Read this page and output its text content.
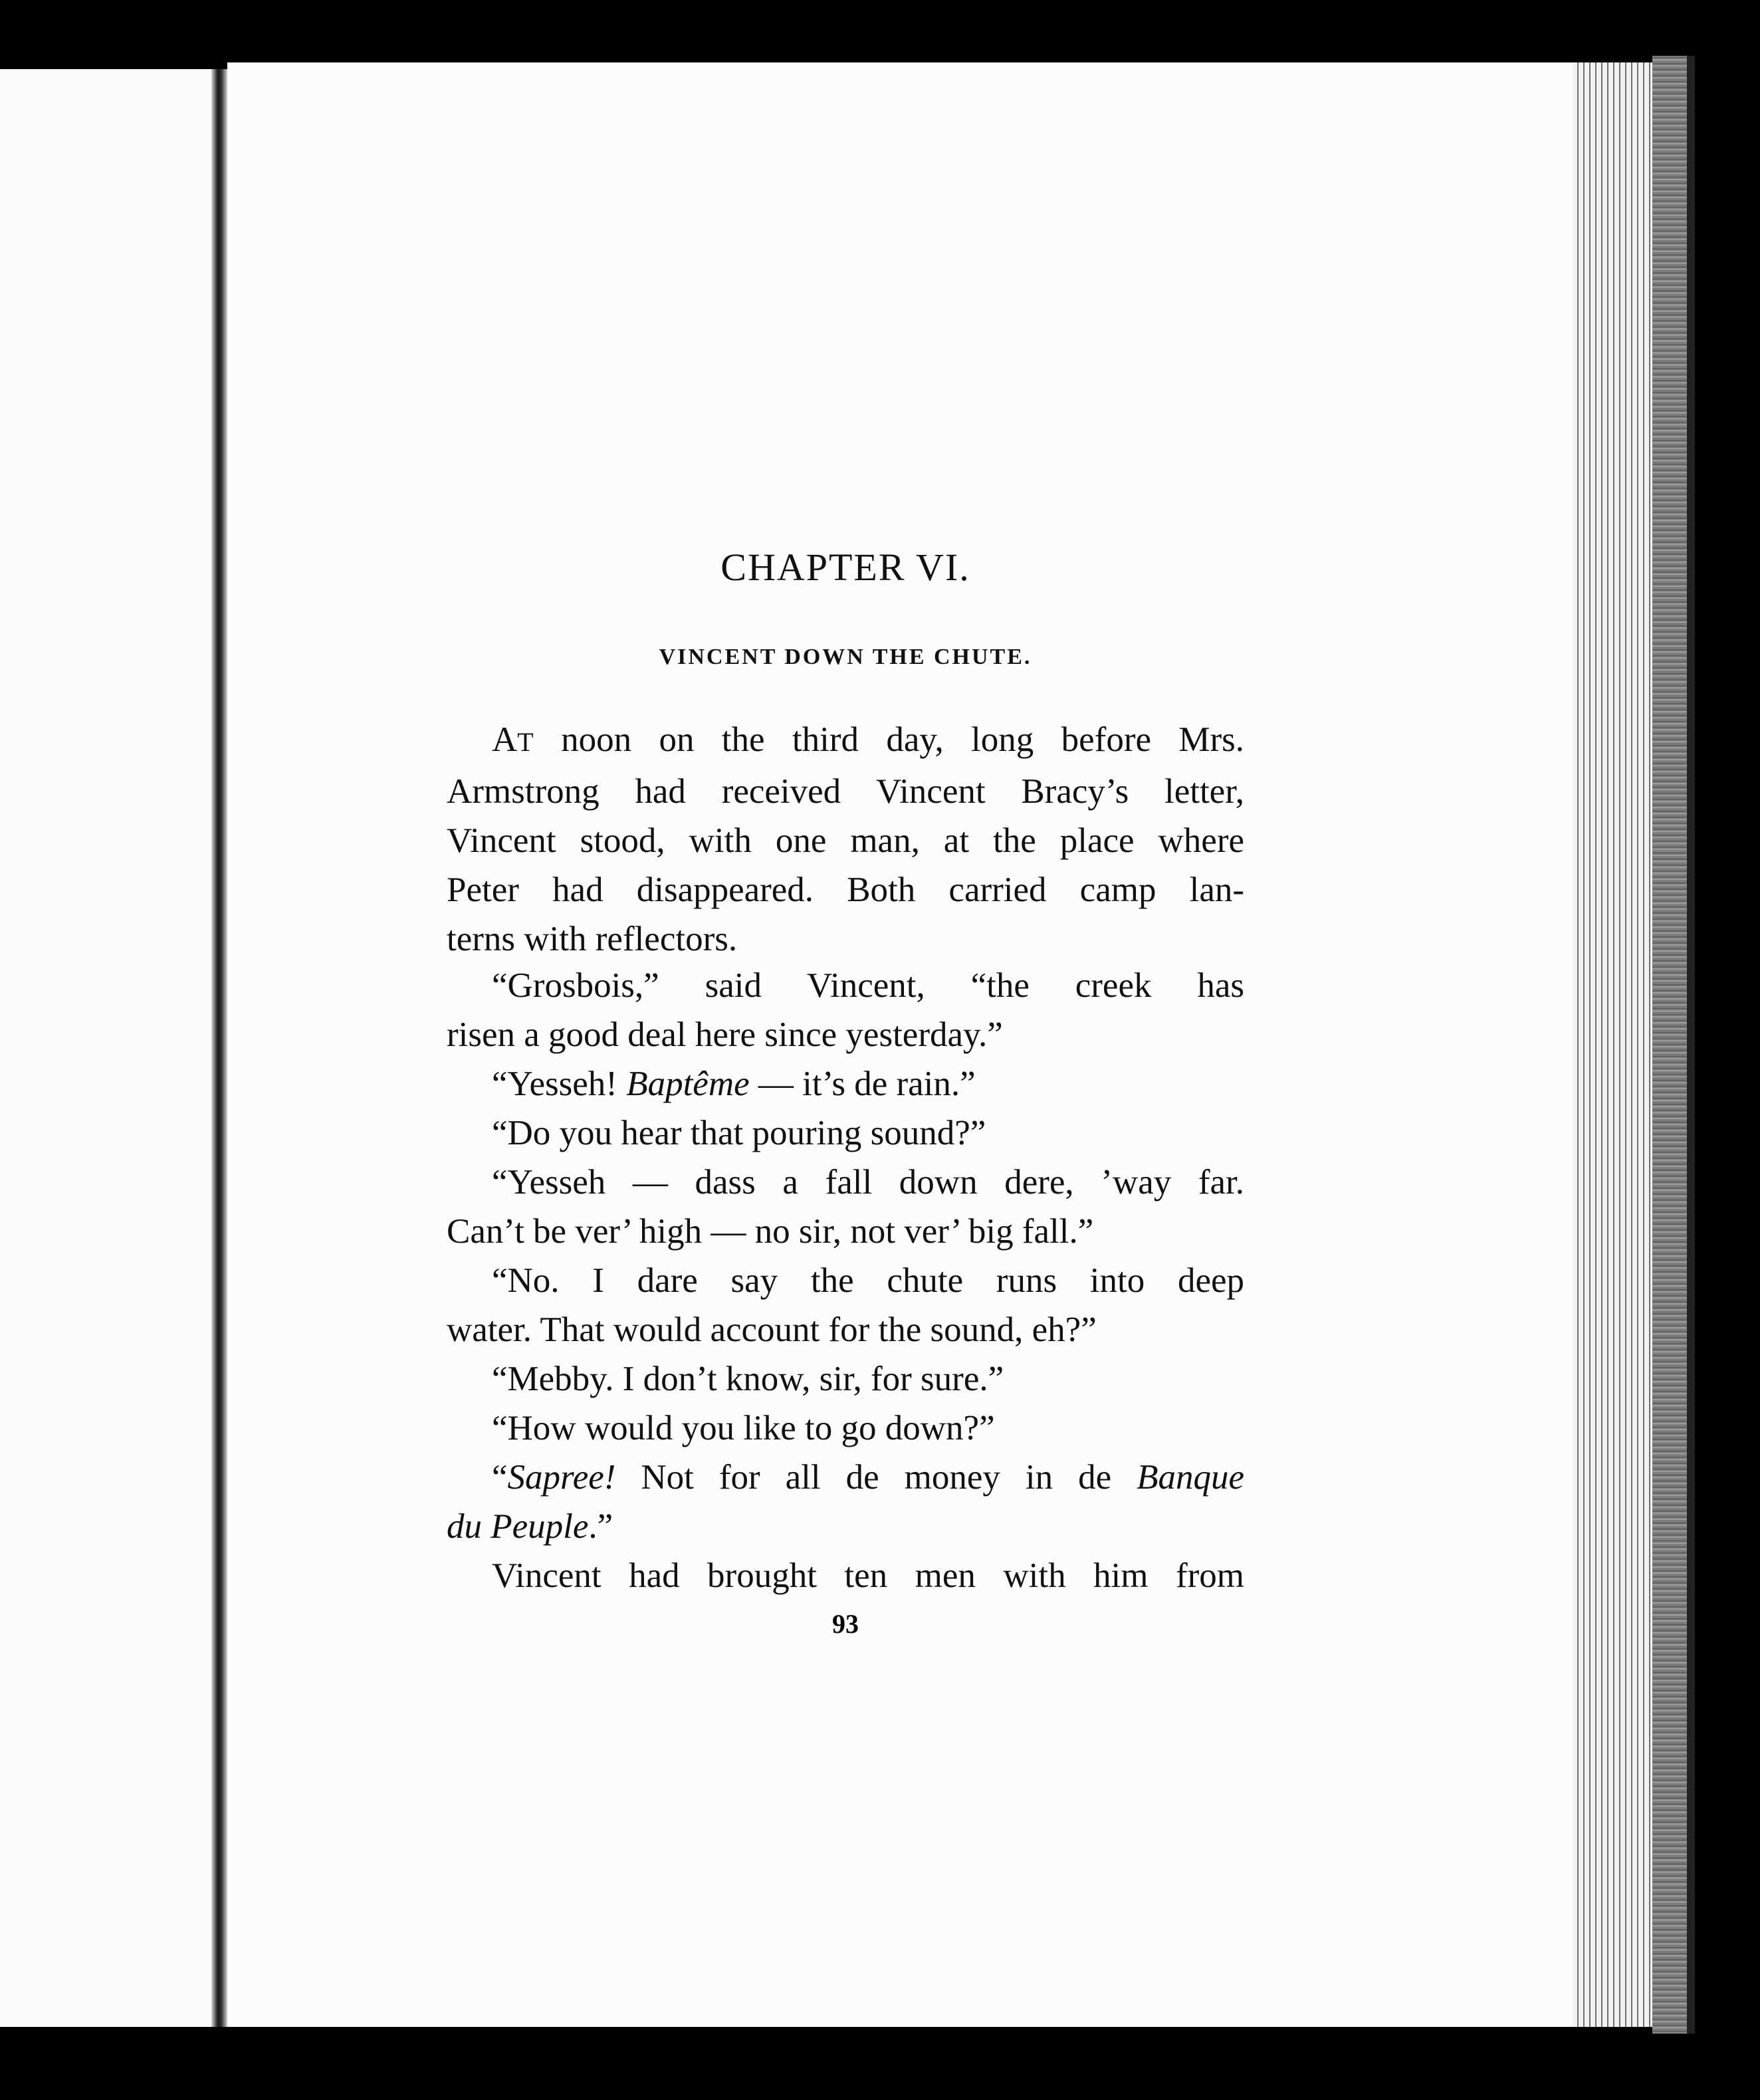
CHAPTER VI.
VINCENT DOWN THE CHUTE.

AT noon on the third day, long before Mrs.
Armstrong had received Vincent Bracy’s letter,
Vincent stood, with one man, at the place where
Peter had disappeared. Both carried camp lan-
terns with reflectors.

“Grosbois,” said Vincent, “the creek has
risen a good deal here since yesterday.”

“Yesseh! Baptême — it’s de rain.”

“Do you hear that pouring sound?”

“Yesseh — dass a fall down dere, ’way far.
Can’t be ver’ high — no sir, not ver’ big fall.”

“No. I dare say the chute runs into deep
water. That would account for the sound, eh?”

“Mebby. I don’t know, sir, for sure.”

“How would you like to go down?”

“Sapree! Not for all de money in de Banque
du Peuple.”

Vincent had brought ten men with him from

93
